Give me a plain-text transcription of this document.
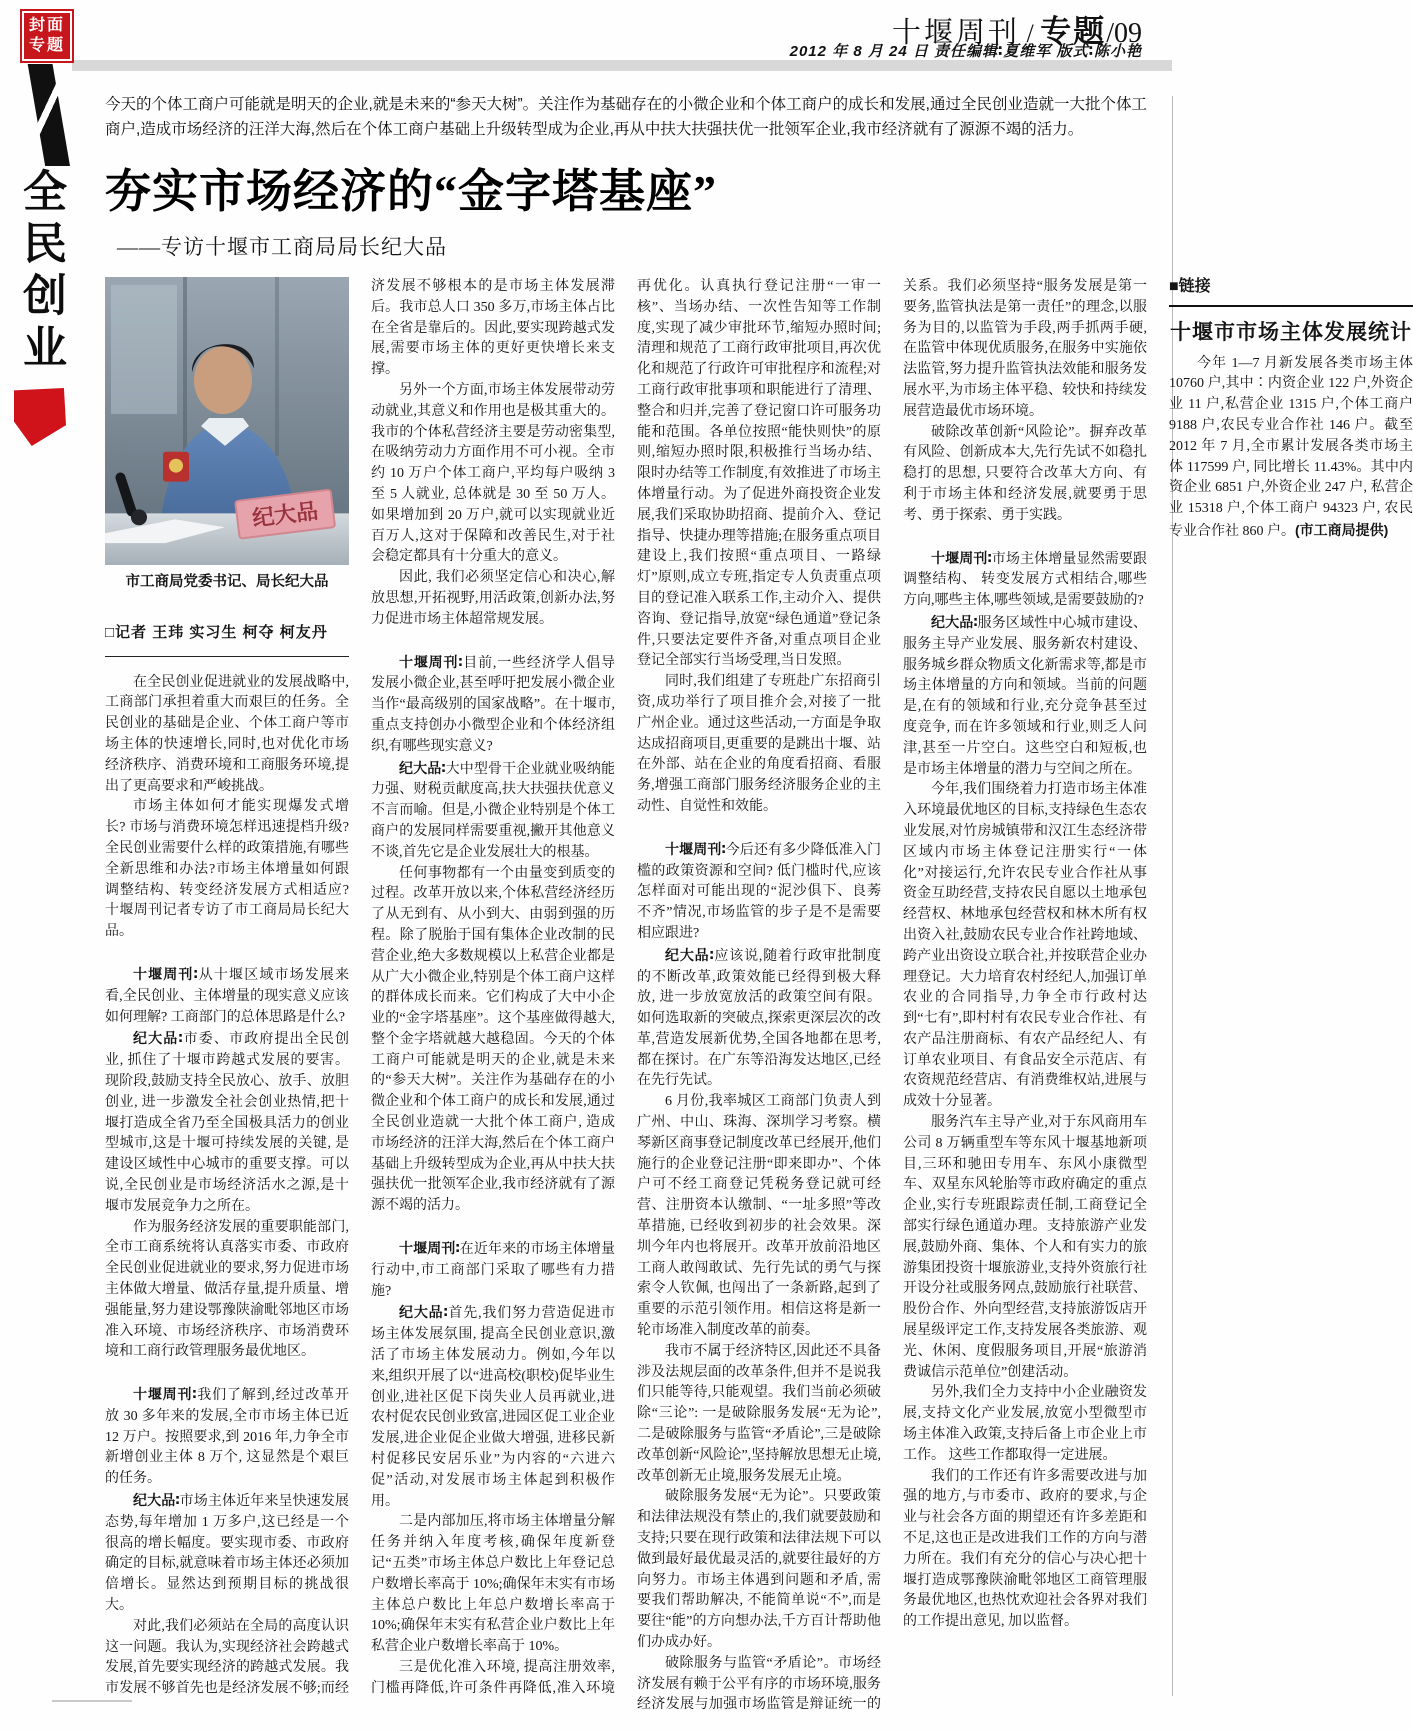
封面
专题
全民创业
十堰周刊 / 专题/09
2012 年 8 月 24 日 责任编辑∶夏维军 版式∶陈小艳
今天的个体工商户可能就是明天的企业,就是未来的“参天大树”。关注作为基础存在的小微企业和个体工商户的成长和发展,通过全民创业造就一大批个体工商户,造成市场经济的汪洋大海,然后在个体工商户基础上升级转型成为企业,再从中扶大扶强扶优一批领军企业,我市经济就有了源源不竭的活力。
夯实市场经济的“金字塔基座”
——专访十堰市工商局局长纪大品
纪大品
市工商局党委书记、局长纪大品
□记者 王玮 实习生 柯夺 柯友丹

在全民创业促进就业的发展战略中, 工商部门承担着重大而艰巨的任务。全民创业的基础是企业、个体工商户等市场主体的快速增长,同时,也对优化市场经济秩序、消费环境和工商服务环境,提出了更高要求和严峻挑战。

市场主体如何才能实现爆发式增长? 市场与消费环境怎样迅速提档升级? 全民创业需要什么样的政策措施,有哪些全新思维和办法?市场主体增量如何跟调整结构、转变经济发展方式相适应?十堰周刊记者专访了市工商局局长纪大品。

十堰周刊∶从十堰区域市场发展来看,全民创业、主体增量的现实意义应该如何理解? 工商部门的总体思路是什么?

纪大品∶市委、市政府提出全民创业, 抓住了十堰市跨越式发展的要害。现阶段,鼓励支持全民放心、放手、放胆创业, 进一步激发全社会创业热情,把十堰打造成全省乃至全国极具活力的创业型城市,这是十堰可持续发展的关键, 是建设区域性中心城市的重要支撑。可以说,全民创业是市场经济活水之源,是十堰市发展竞争力之所在。

作为服务经济发展的重要职能部门, 全市工商系统将认真落实市委、市政府全民创业促进就业的要求,努力促进市场主体做大增量、做活存量,提升质量、增强能量,努力建设鄂豫陕渝毗邻地区市场准入环境、市场经济秩序、市场消费环境和工商行政管理服务最优地区。

十堰周刊∶我们了解到,经过改革开放 30 多年来的发展,全市市场主体已近 12 万户。按照要求,到 2016 年,力争全市新增创业主体 8 万个, 这显然是个艰巨的任务。

纪大品∶市场主体近年来呈快速发展态势,每年增加 1 万多户,这已经是一个很高的增长幅度。要实现市委、市政府确定的目标,就意味着市场主体还必须加倍增长。显然达到预期目标的挑战很大。

对此,我们必须站在全局的高度认识这一问题。我认为,实现经济社会跨越式发展,首先要实现经济的跨越式发展。我市发展不够首先也是经济发展不够;而经济发展不够根本的是市场主体发展滞后。我市总人口 350 多万,市场主体占比在全省是靠后的。因此,要实现跨越式发展,需要市场主体的更好更快增长来支撑。

另外一个方面,市场主体发展带动劳动就业,其意义和作用也是极其重大的。我市的个体私营经济主要是劳动密集型, 在吸纳劳动力方面作用不可小视。全市约 10 万户个体工商户,平均每户吸纳 3 至 5 人就业, 总体就是 30 至 50 万人。如果增加到 20 万户,就可以实现就业近百万人,这对于保障和改善民生,对于社会稳定都具有十分重大的意义。

因此, 我们必须坚定信心和决心,解放思想,开拓视野,用活政策,创新办法,努力促进市场主体超常规发展。

十堰周刊∶目前,一些经济学人倡导发展小微企业,甚至呼吁把发展小微企业当作“最高级别的国家战略”。在十堰市,重点支持创办小微型企业和个体经济组织,有哪些现实意义?

纪大品∶大中型骨干企业就业吸纳能力强、财税贡献度高,扶大扶强扶优意义不言而喻。但是,小微企业特别是个体工商户的发展同样需要重视,撇开其他意义不谈,首先它是企业发展壮大的根基。

任何事物都有一个由量变到质变的过程。改革开放以来,个体私营经济经历了从无到有、从小到大、由弱到强的历程。除了脱胎于国有集体企业改制的民营企业,绝大多数规模以上私营企业都是从广大小微企业,特别是个体工商户这样的群体成长而来。它们构成了大中小企业的“金字塔基座”。这个基座做得越大, 整个金字塔就越大越稳固。今天的个体工商户可能就是明天的企业,就是未来的“参天大树”。关注作为基础存在的小微企业和个体工商户的成长和发展,通过全民创业造就一大批个体工商户, 造成市场经济的汪洋大海,然后在个体工商户基础上升级转型成为企业,再从中扶大扶强扶优一批领军企业,我市经济就有了源源不竭的活力。

十堰周刊∶在近年来的市场主体增量行动中,市工商部门采取了哪些有力措施?

纪大品∶首先,我们努力营造促进市场主体发展氛围, 提高全民创业意识,激活了市场主体发展动力。例如,今年以来,组织开展了以“进高校(职校)促毕业生创业,进社区促下岗失业人员再就业,进农村促农民创业致富,进园区促工业企业发展,进企业促企业做大增强, 进移民新村促移民安居乐业”为内容的“六进六促”活动,对发展市场主体起到积极作用。

二是内部加压,将市场主体增量分解任务并纳入年度考核,确保年度新登记“五类”市场主体总户数比上年登记总户数增长率高于 10%;确保年末实有市场主体总户数比上年总户数增长率高于 10%;确保年末实有私营企业户数比上年私营企业户数增长率高于 10%。

三是优化准入环境, 提高注册效率,门槛再降低,许可条件再降低,准入环境再优化。认真执行登记注册“一审一核”、当场办结、一次性告知等工作制度,实现了减少审批环节,缩短办照时间; 清理和规范了工商行政审批项目,再次优化和规范了行政许可审批程序和流程;对工商行政审批事项和职能进行了清理、整合和归并,完善了登记窗口许可服务功能和范围。各单位按照“能快则快”的原则,缩短办照时限,积极推行当场办结、限时办结等工作制度,有效推进了市场主体增量行动。为了促进外商投资企业发展,我们采取协助招商、提前介入、登记指导、快捷办理等措施;在服务重点项目建设上,我们按照“重点项目、一路绿灯”原则,成立专班,指定专人负责重点项目的登记准入联系工作,主动介入、提供咨询、登记指导,放宽“绿色通道”登记条件,只要法定要件齐备,对重点项目企业登记全部实行当场受理,当日发照。

同时,我们组建了专班赴广东招商引资,成功举行了项目推介会,对接了一批广州企业。通过这些活动,一方面是争取达成招商项目,更重要的是跳出十堰、站在外部、站在企业的角度看招商、看服务,增强工商部门服务经济服务企业的主动性、自觉性和效能。

十堰周刊∶今后还有多少降低准入门槛的政策资源和空间? 低门槛时代,应该怎样面对可能出现的“泥沙俱下、良莠不齐”情况,市场监管的步子是不是需要相应跟进?

纪大品∶应该说,随着行政审批制度的不断改革,政策效能已经得到极大释放, 进一步放宽放活的政策空间有限。如何选取新的突破点,探索更深层次的改革,营造发展新优势,全国各地都在思考,都在探讨。在广东等沿海发达地区,已经在先行先试。

6 月份,我率城区工商部门负责人到广州、中山、珠海、深圳学习考察。横琴新区商事登记制度改革已经展开,他们施行的企业登记注册“即来即办”、个体户可不经工商登记凭税务登记就可经营、注册资本认缴制、“一址多照”等改革措施, 已经收到初步的社会效果。深圳今年内也将展开。改革开放前沿地区工商人敢闯敢试、先行先试的勇气与探索令人钦佩, 也闯出了一条新路,起到了重要的示范引领作用。相信这将是新一轮市场准入制度改革的前奏。

我市不属于经济特区,因此还不具备涉及法规层面的改革条件,但并不是说我们只能等待,只能观望。我们当前必须破除“三论”: 一是破除服务发展“无为论”,二是破除服务与监管“矛盾论”,三是破除改革创新“风险论”,坚持解放思想无止境, 改革创新无止境,服务发展无止境。

破除服务发展“无为论”。只要政策和法律法规没有禁止的,我们就要鼓励和支持;只要在现行政策和法律法规下可以做到最好最优最灵活的,就要往最好的方向努力。市场主体遇到问题和矛盾, 需要我们帮助解决, 不能简单说“不”,而是要往“能”的方向想办法,千方百计帮助他们办成办好。

破除服务与监管“矛盾论”。市场经济发展有赖于公平有序的市场环境,服务经济发展与加强市场监管是辩证统一的关系。我们必须坚持“服务发展是第一要务,监管执法是第一责任”的理念,以服务为目的,以监管为手段,两手抓两手硬, 在监管中体现优质服务,在服务中实施依法监管,努力提升监管执法效能和服务发展水平,为市场主体平稳、较快和持续发展营造最优市场环境。

破除改革创新“风险论”。摒弃改革有风险、创新成本大,先行先试不如稳扎稳打的思想, 只要符合改革大方向、有利于市场主体和经济发展,就要勇于思考、勇于探索、勇于实践。

十堰周刊∶市场主体增量显然需要跟调整结构、 转变发展方式相结合,哪些方向,哪些主体,哪些领域,是需要鼓励的?

纪大品∶服务区域性中心城市建设、服务主导产业发展、服务新农村建设、服务城乡群众物质文化新需求等,都是市场主体增量的方向和领域。当前的问题是,在有的领域和行业,充分竞争甚至过度竞争, 而在许多领域和行业,则乏人问津,甚至一片空白。这些空白和短板,也是市场主体增量的潜力与空间之所在。

今年,我们围绕着力打造市场主体准入环境最优地区的目标,支持绿色生态农业发展,对竹房城镇带和汉江生态经济带区域内市场主体登记注册实行“一体化”对接运行,允许农民专业合作社从事资金互助经营,支持农民自愿以土地承包经营权、林地承包经营权和林木所有权出资入社,鼓励农民专业合作社跨地域、跨产业出资设立联合社,并按联营企业办理登记。大力培育农村经纪人,加强订单农业的合同指导,力争全市行政村达到“七有”,即村村有农民专业合作社、有农产品注册商标、有农产品经纪人、有订单农业项目、有食品安全示范店、有农资规范经营店、有消费维权站,进展与成效十分显著。

服务汽车主导产业,对于东风商用车公司 8 万辆重型车等东风十堰基地新项目,三环和驰田专用车、东风小康微型车、双星东风轮胎等市政府确定的重点企业,实行专班跟踪责任制,工商登记全部实行绿色通道办理。支持旅游产业发展,鼓励外商、集体、个人和有实力的旅游集团投资十堰旅游业,支持外资旅行社开设分社或服务网点,鼓励旅行社联营、股份合作、外向型经营,支持旅游饭店开展星级评定工作,支持发展各类旅游、观光、休闲、度假服务项目,开展“旅游消费诚信示范单位”创建活动。

另外,我们全力支持中小企业融资发展,支持文化产业发展,放宽小型微型市场主体准入政策,支持后备上市企业上市工作。 这些工作都取得一定进展。

我们的工作还有许多需要改进与加强的地方,与市委市、政府的要求,与企业与社会各方面的期望还有许多差距和不足,这也正是改进我们工作的方向与潜力所在。我们有充分的信心与决心把十堰打造成鄂豫陕渝毗邻地区工商管理服务最优地区,也热忱欢迎社会各界对我们的工作提出意见, 加以监督。

■链接
十堰市市场主体发展统计

今年 1—7 月新发展各类市场主体 10760 户,其中∶内资企业 122 户,外资企业 11 户,私营企业 1315 户,个体工商户 9188 户,农民专业合作社 146 户。截至 2012 年 7 月,全市累计发展各类市场主体 117599 户, 同比增长 11.43%。其中内资企业 6851 户,外资企业 247 户, 私营企业 15318 户,个体工商户 94323 户, 农民专业合作社 860 户。(市工商局提供)
